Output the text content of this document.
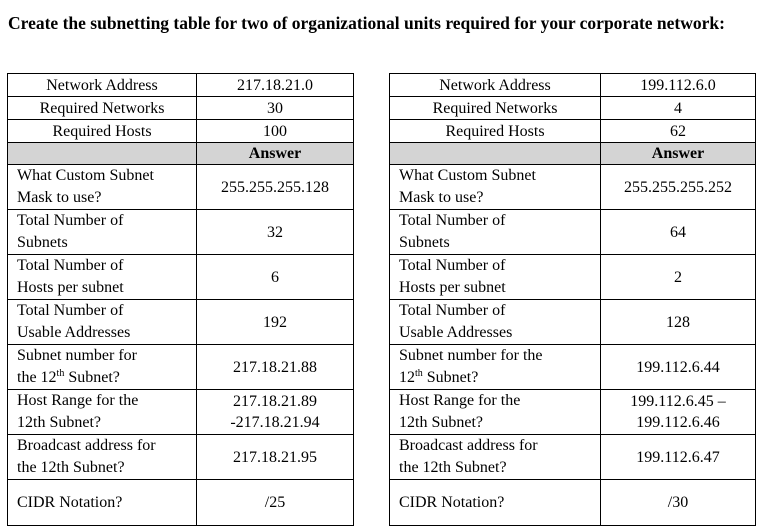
Create the subnetting table for two of organizational units required for your corporate network:

Network Address	217.18.21.0
Required Networks	30
Required Hosts	100
	Answer
What Custom Subnet
Mask to use?	255.255.255.128
Total Number of
Subnets	32
Total Number of
Hosts per subnet	6
Total Number of
Usable Addresses	192
Subnet number for
the 12th Subnet?	217.18.21.88
Host Range for the
12th Subnet?	217.18.21.89
-217.18.21.94
Broadcast address for
the 12th Subnet?	217.18.21.95
CIDR Notation?	/25
Network Address	199.112.6.0
Required Networks	4
Required Hosts	62
	Answer
What Custom Subnet
Mask to use?	255.255.255.252
Total Number of
Subnets	64
Total Number of
Hosts per subnet	2
Total Number of
Usable Addresses	128
Subnet number for the
12th Subnet?	199.112.6.44
Host Range for the
12th Subnet?	199.112.6.45 –
199.112.6.46
Broadcast address for
the 12th Subnet?	199.112.6.47
CIDR Notation?	/30
